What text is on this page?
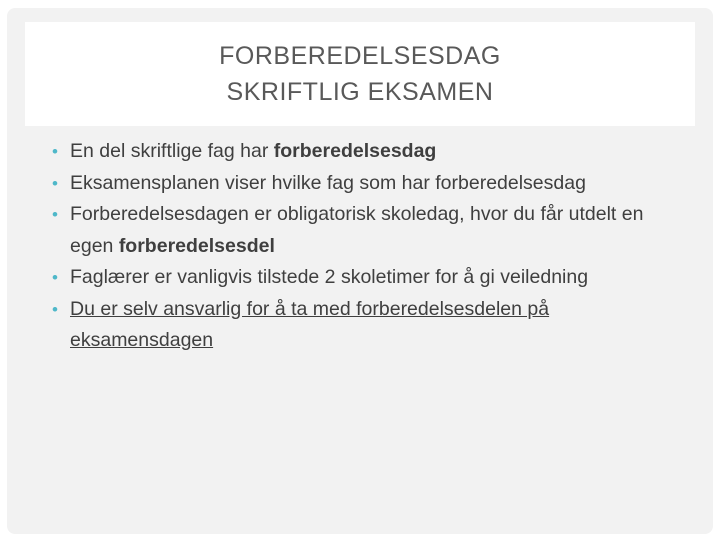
FORBEREDELSESDAG
SKRIFTLIG EKSAMEN
• En del skriftlige fag har forberedelsesdag
• Eksamensplanen viser hvilke fag som har forberedelsesdag
• Forberedelsesdagen er obligatorisk skoledag, hvor du får utdelt en egen forberedelsesdel
• Faglærer er vanligvis tilstede 2 skoletimer for å gi veiledning
• Du er selv ansvarlig for å ta med forberedelsesdelen på eksamensdagen
